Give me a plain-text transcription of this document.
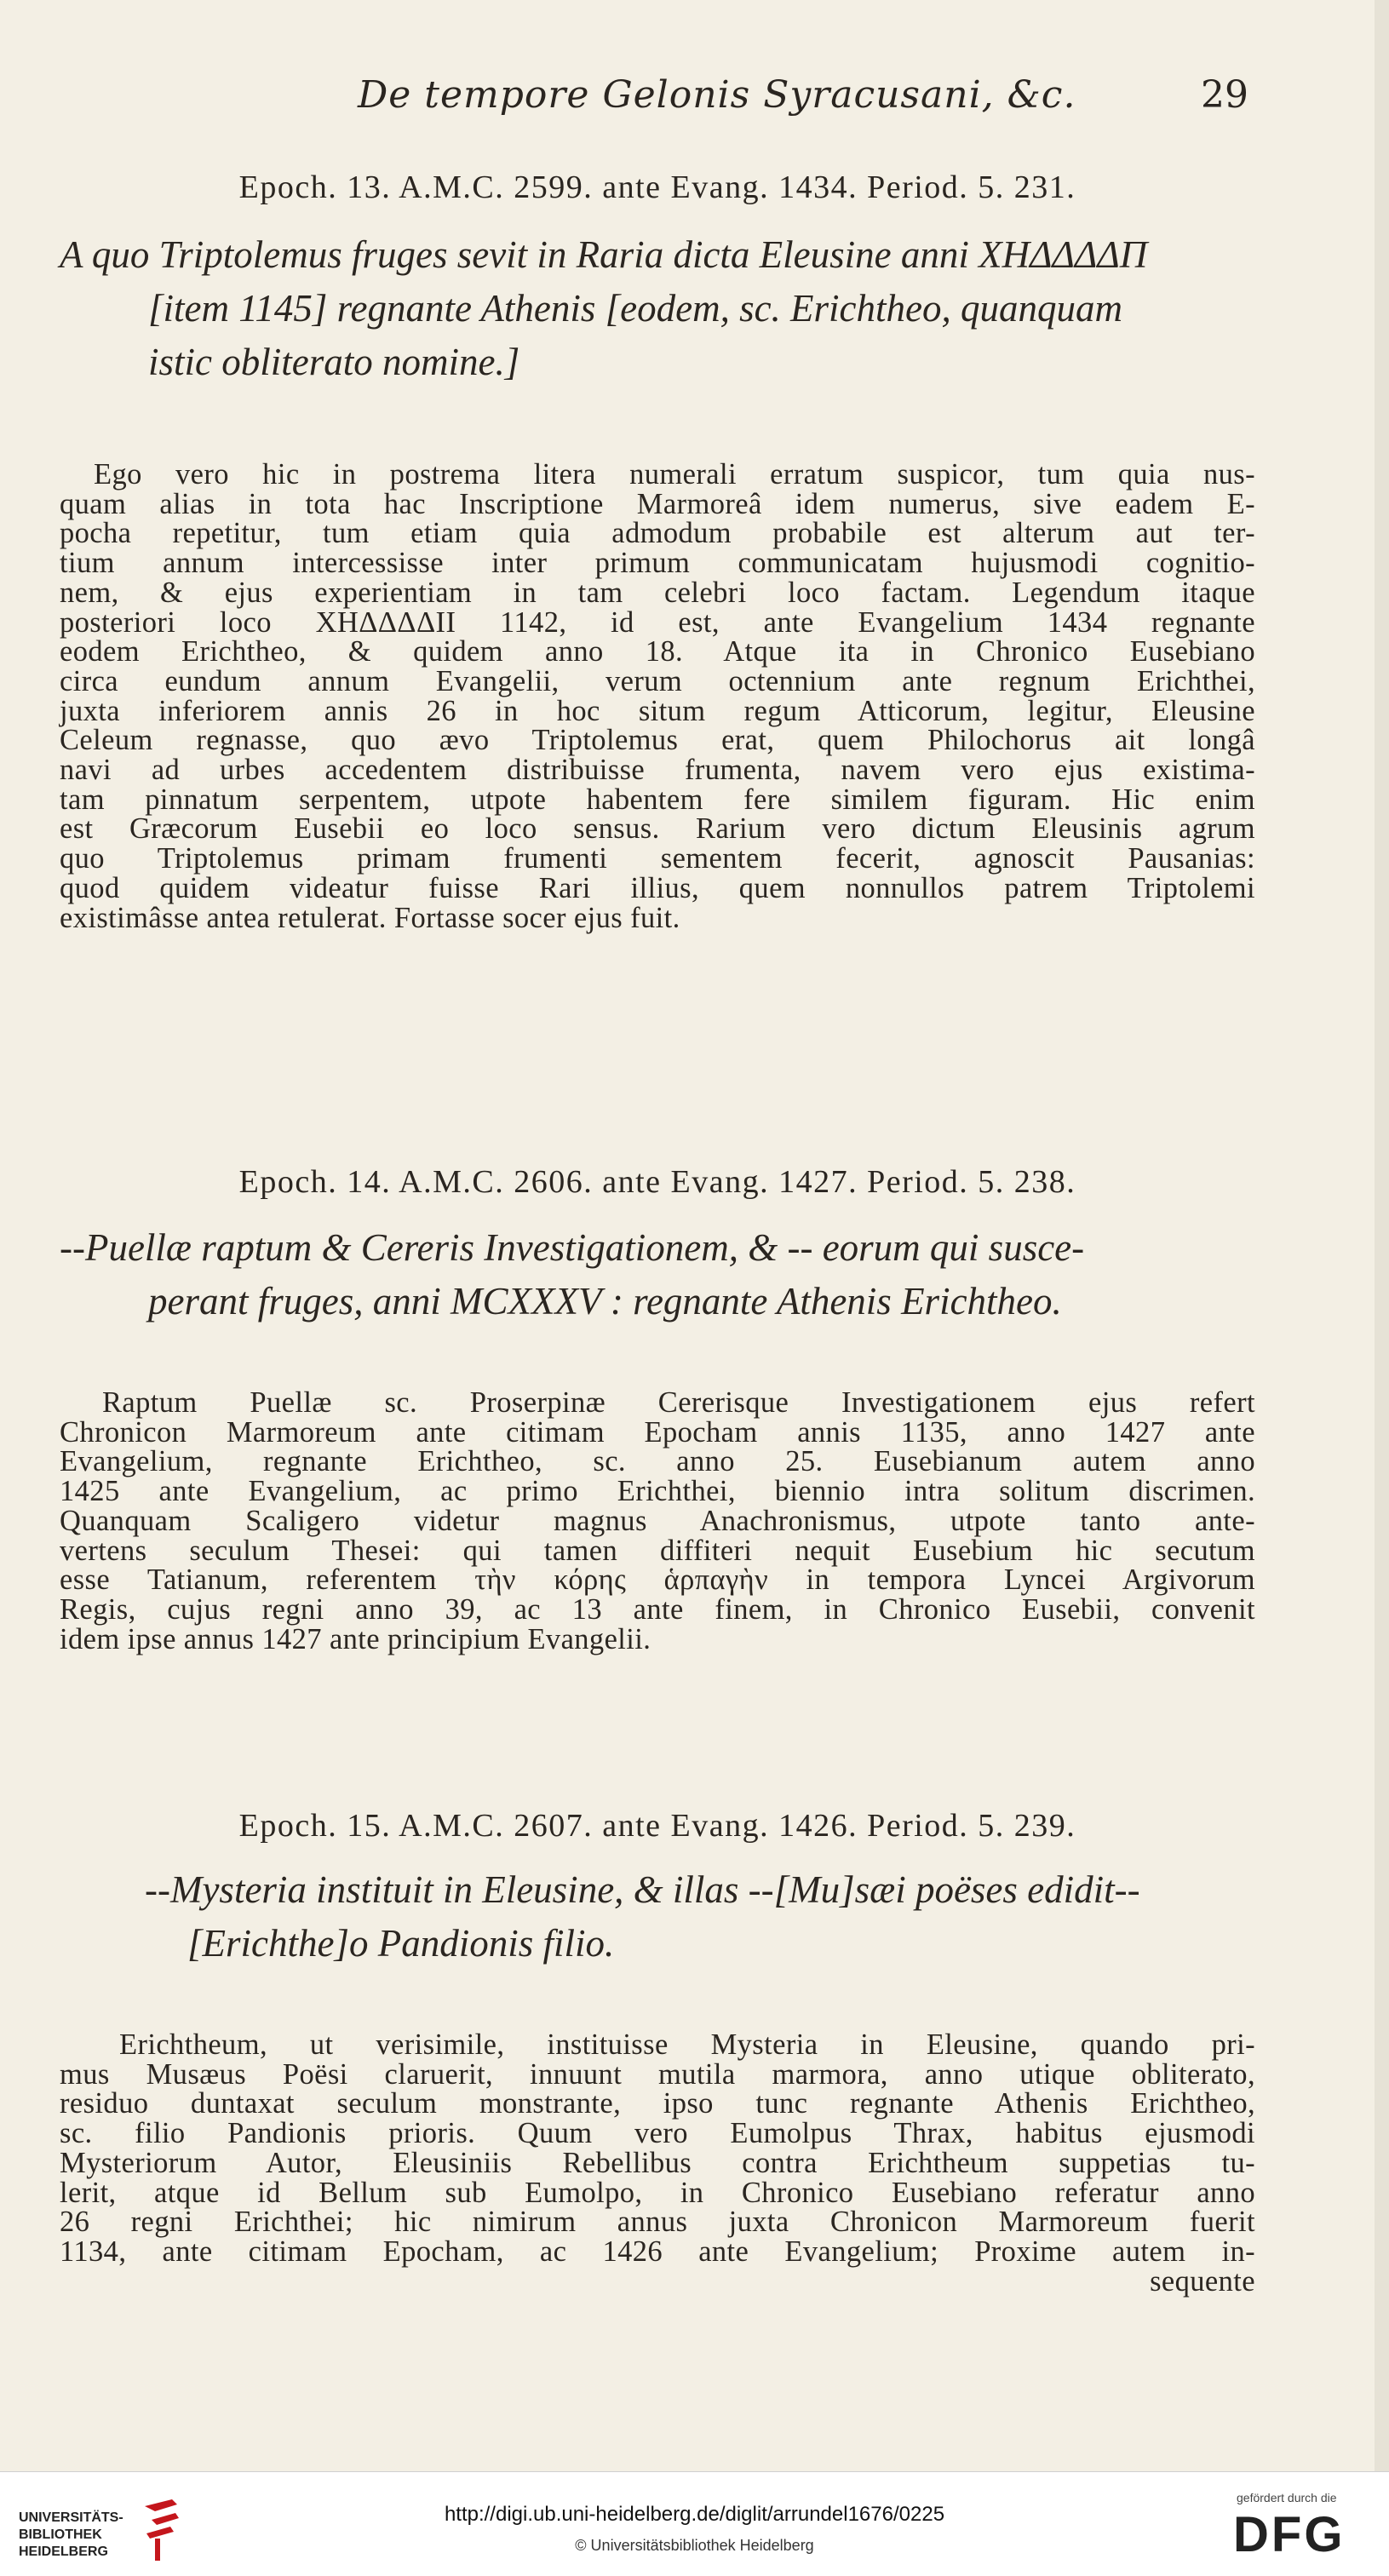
De tempore Gelonis Syracusani, &c.	29
Epoch. 13. A.M.C. 2599. ante Evang. 1434. Period. 5. 231.
A quo Triptolemus fruges sevit in Raria dicta Eleusine anni ΧΗΔΔΔΔΠ
[item 1145] regnante Athenis [eodem, sc. Erichtheo, quanquam
istic obliterato nomine.]
Ego vero hic in postrema litera numerali erratum suspicor, tum quia nus-
quam alias in tota hac Inscriptione Marmoreâ idem numerus, sive eadem E-
pocha repetitur, tum etiam quia admodum probabile est alterum aut ter-
tium annum intercessisse inter primum communicatam hujusmodi cognitio-
nem, & ejus experientiam in tam celebri loco factam. Legendum itaque
posteriori loco ΧΗΔΔΔΔΙΙ 1142, id est, ante Evangelium 1434 regnante
eodem Erichtheo, & quidem anno 18. Atque ita in Chronico Eusebiano
circa eundum annum Evangelii, verum octennium ante regnum Erichthei,
juxta inferiorem annis 26 in hoc situm regum Atticorum, legitur, Eleusine
Celeum regnasse, quo ævo Triptolemus erat, quem Philochorus ait longâ
navi ad urbes accedentem distribuisse frumenta, navem vero ejus existima-
tam pinnatum serpentem, utpote habentem fere similem figuram. Hic enim
est Græcorum Eusebii eo loco sensus. Rarium vero dictum Eleusinis agrum
quo Triptolemus primam frumenti sementem fecerit, agnoscit Pausanias:
quod quidem videatur fuisse Rari illius, quem nonnullos patrem Triptolemi
existimâsse antea retulerat. Fortasse socer ejus fuit.
Epoch. 14. A.M.C. 2606. ante Evang. 1427. Period. 5. 238.
--Puellæ raptum & Cereris Investigationem, & -- eorum qui susce-
perant fruges, anni MCXXXV : regnante Athenis Erichtheo.
Raptum Puellæ sc. Proserpinæ Cererisque Investigationem ejus refert
Chronicon Marmoreum ante citimam Epocham annis 1135, anno 1427 ante
Evangelium, regnante Erichtheo, sc. anno 25. Eusebianum autem anno
1425 ante Evangelium, ac primo Erichthei, biennio intra solitum discrimen.
Quanquam Scaligero videtur magnus Anachronismus, utpote tanto ante-
vertens seculum Thesei: qui tamen diffiteri nequit Eusebium hic secutum
esse Tatianum, referentem τὴν κόρης ἁρπαγὴν in tempora Lyncei Argivorum
Regis, cujus regni anno 39, ac 13 ante finem, in Chronico Eusebii, convenit
idem ipse annus 1427 ante principium Evangelii.
Epoch. 15. A.M.C. 2607. ante Evang. 1426. Period. 5. 239.
--Mysteria instituit in Eleusine, & illas --[Mu]sæi poëses edidit--
[Erichthe]o Pandionis filio.
Erichtheum, ut verisimile, instituisse Mysteria in Eleusine, quando pri-
mus Musæus Poësi claruerit, innuunt mutila marmora, anno utique obliterato,
residuo duntaxat seculum monstrante, ipso tunc regnante Athenis Erichtheo,
sc. filio Pandionis prioris. Quum vero Eumolpus Thrax, habitus ejusmodi
Mysteriorum Autor, Eleusiniis Rebellibus contra Erichtheum suppetias tu-
lerit, atque id Bellum sub Eumolpo, in Chronico Eusebiano referatur anno
26 regni Erichthei; hic nimirum annus juxta Chronicon Marmoreum fuerit
1134, ante citimam Epocham, ac 1426 ante Evangelium; Proxime autem in-
sequente
UNIVERSITÄTS-
BIBLIOTHEK
HEIDELBERG
http://digi.ub.uni-heidelberg.de/diglit/arrundel1676/0225
© Universitätsbibliothek Heidelberg
gefördert durch die
DFG
